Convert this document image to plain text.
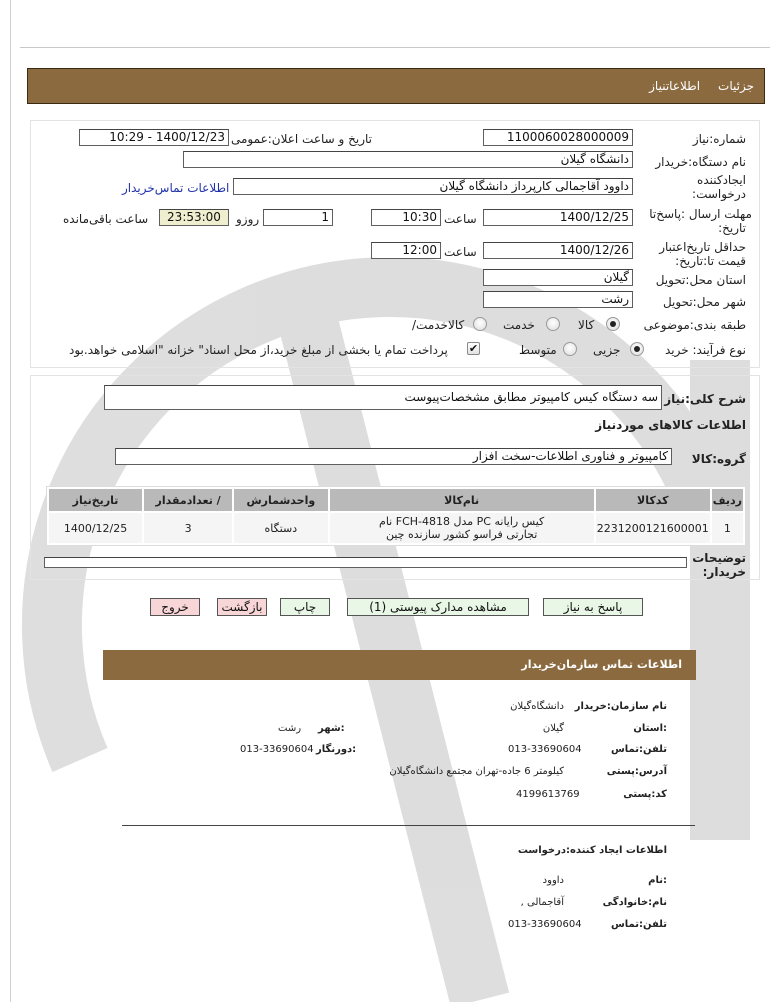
جزئیات
اطلاعاتنیاز
شماره:نیاز
1100060028000009
تاریخ و ساعت اعلان:عمومی
1400/12/23 - 10:29
نام دستگاه:خریدار
دانشگاه گیلان
ایجادکننده
:درخواست
داوود آقاجمالی کارپرداز دانشگاه گیلان
اطلاعات تماس‌خریدار
مهلت ارسال :پاسخ‌تا
:تاریخ
1400/12/25
ساعت
10:30
1
روزو
23:53:00
ساعت باقی‌مانده
حداقل تاریخ‌اعتبار
:قیمت تا:تاریخ
1400/12/26
ساعت
12:00
استان محل:تحویل
گیلان
شهر محل:تحویل
رشت
طبقه بندی:موضوعی
کالا
خدمت
/کالاخدمت
نوع فرآیند: خرید
جزیی
متوسط
✔
پرداخت تمام یا بخشی از مبلغ خرید،از محل اسناد" خزانه "اسلامی خواهد.بود
شرح کلی:نیاز
سه دستگاه کیس کامپیوتر مطابق مشخصات‌پیوست
اطلاعات کالاهای موردنیاز
گروه:کالا
کامپیوتر و فناوری اطلاعات-سخت افزار
ردیف	کدکالا	نام‌کالا	واحدشمارش	/ تعدادمقدار	تاریخ‌نیاز
1	2231200121600001	کیس رایانه PC مدل FCH-4818 نام
تجارتی فراسو کشور سازنده چین	دستگاه	3	1400/12/25
توضیحات
:خریدار
پاسخ به نیاز
مشاهده مدارک پیوستی (1)
چاپ
بازگشت
خروج
اطلاعات تماس سازمان‌خریدار
نام سازمان:خریدار
دانشگاه‌گیلان
:استان
گیلان
:شهر
رشت
تلفن:تماس
013-33690604
:دورنگار
013-33690604
آدرس:پستی
کیلومتر 6 جاده-تهران مجتمع دانشگاه‌گیلان
کد:پستی
4199613769
اطلاعات ایجاد کننده:درخواست
:نام
داوود
نام:خانوادگی
آقاجمالی ,
تلفن:تماس
013-33690604
